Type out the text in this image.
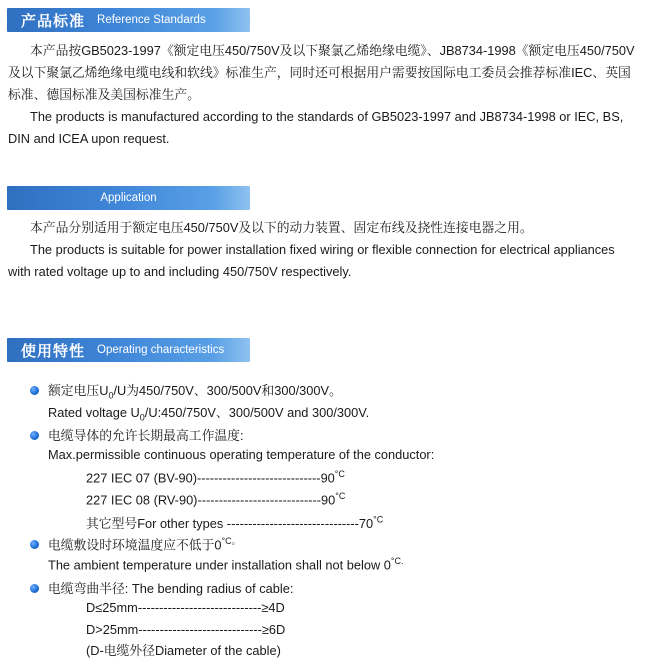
产品标准 Reference Standards
本产品按GB5023-1997《额定电压450/750V及以下聚氯乙烯绝缘电缆》、JB8734-1998《额定电压450/750V及以下聚氯乙烯绝缘电缆电线和软线》标准生产，同时还可根据用户需要按国际电工委员会推荐标准IEC、英国标准、德国标准及美国标准生产。
The products is manufactured according to the standards of GB5023-1997 and JB8734-1998 or IEC, BS, DIN and ICEA upon request.
Application
本产品分别适用于额定电压450/750V及以下的动力装置、固定布线及挠性连接电器之用。
The products is suitable for power installation fixed wiring or flexible connection for electrical appliances with rated voltage up to and including 450/750V respectively.
使用特性 Operating characteristics
额定电压$U_0/U$为450/750V、300/500V和300/300V。
Rated voltage $U_0/U:450/750V$、300/500V and 300/300V.
电缆导体的允许长期最高工作温度:
Max.permissible continuous operating temperature of the conductor:
227 IEC 07 $(BV-90)-----------------------------90^{^\circ C}$
227 IEC 08 $(RV-90)-----------------------------90^{^\circ C}$
其它型号For other types $-------------------------------70^{^\circ C}$
电缆敷设时环境温度应不低于$0^{^\circ C。}$
The ambient temperature under installation shall not below $0^{^\circ C.}$
电缆弯曲半径: The bending radius of cable:
D≤25mm-----------------------------≥4D
D>25mm-----------------------------≥6D
(D-电缆外径Diameter of the cable)
